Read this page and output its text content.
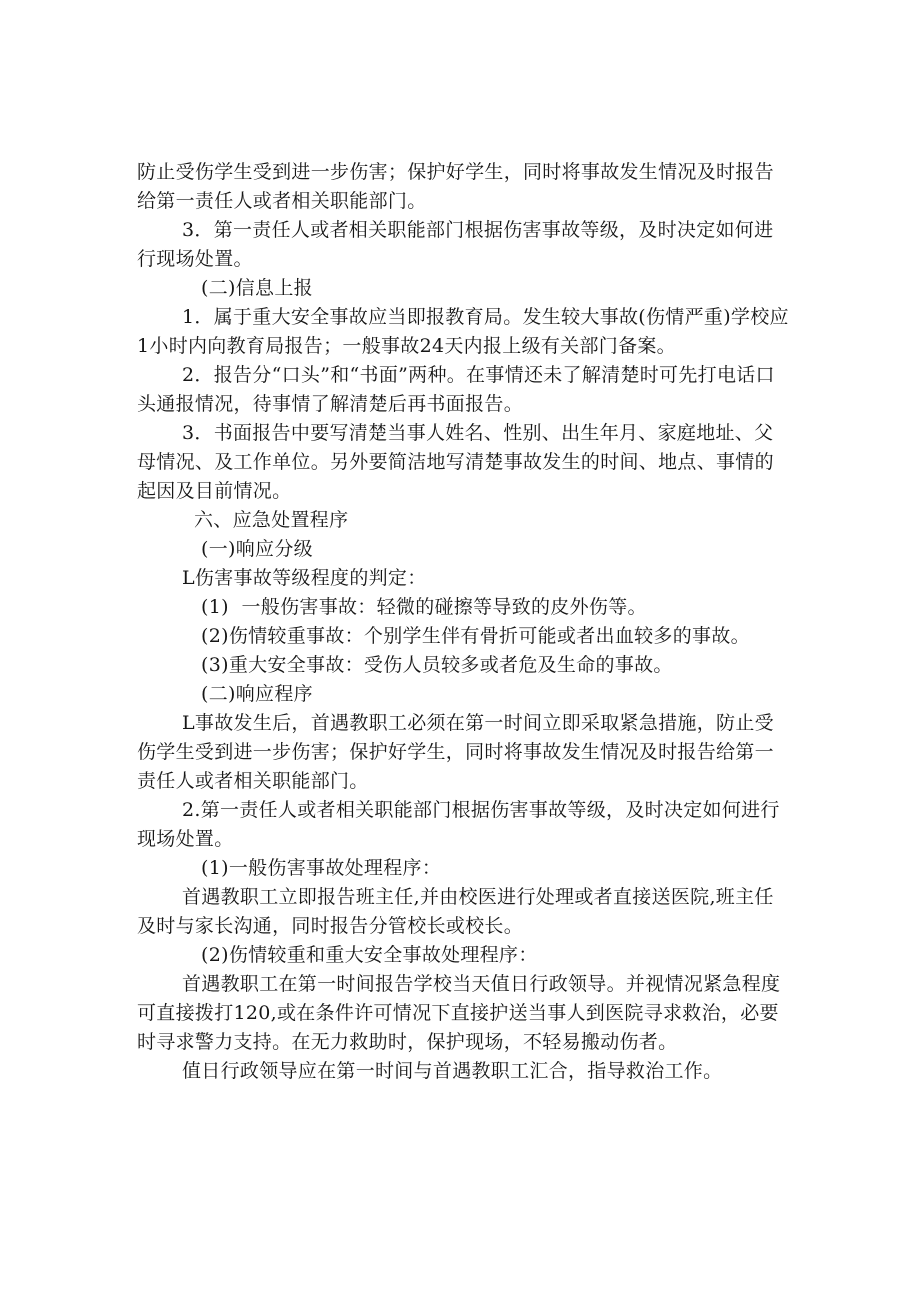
防止受伤学生受到进一步伤害；保护好学生，同时将事故发生情况及时报告给第一责任人或者相关职能部门。

3．第一责任人或者相关职能部门根据伤害事故等级，及时决定如何进行现场处置。

(二)信息上报

1．属于重大安全事故应当即报教育局。发生较大事故(伤情严重)学校应1小时内向教育局报告；一般事故24天内报上级有关部门备案。

2．报告分“口头”和“书面”两种。在事情还未了解清楚时可先打电话口头通报情况，待事情了解清楚后再书面报告。

3．书面报告中要写清楚当事人姓名、性别、出生年月、家庭地址、父母情况、及工作单位。另外要简洁地写清楚事故发生的时间、地点、事情的起因及目前情况。

六、应急处置程序

(一)响应分级

L伤害事故等级程度的判定：

(1)  一般伤害事故：轻微的碰擦等导致的皮外伤等。

(2)伤情较重事故：个别学生伴有骨折可能或者出血较多的事故。

(3)重大安全事故：受伤人员较多或者危及生命的事故。

(二)响应程序

L事故发生后，首遇教职工必须在第一时间立即采取紧急措施，防止受伤学生受到进一步伤害；保护好学生，同时将事故发生情况及时报告给第一责任人或者相关职能部门。

2.第一责任人或者相关职能部门根据伤害事故等级，及时决定如何进行现场处置。

(1)一般伤害事故处理程序：

首遇教职工立即报告班主任,并由校医进行处理或者直接送医院,班主任及时与家长沟通，同时报告分管校长或校长。

(2)伤情较重和重大安全事故处理程序：

首遇教职工在第一时间报告学校当天值日行政领导。并视情况紧急程度可直接拨打120,或在条件许可情况下直接护送当事人到医院寻求救治，必要时寻求警力支持。在无力救助时，保护现场，不轻易搬动伤者。

值日行政领导应在第一时间与首遇教职工汇合，指导救治工作。
